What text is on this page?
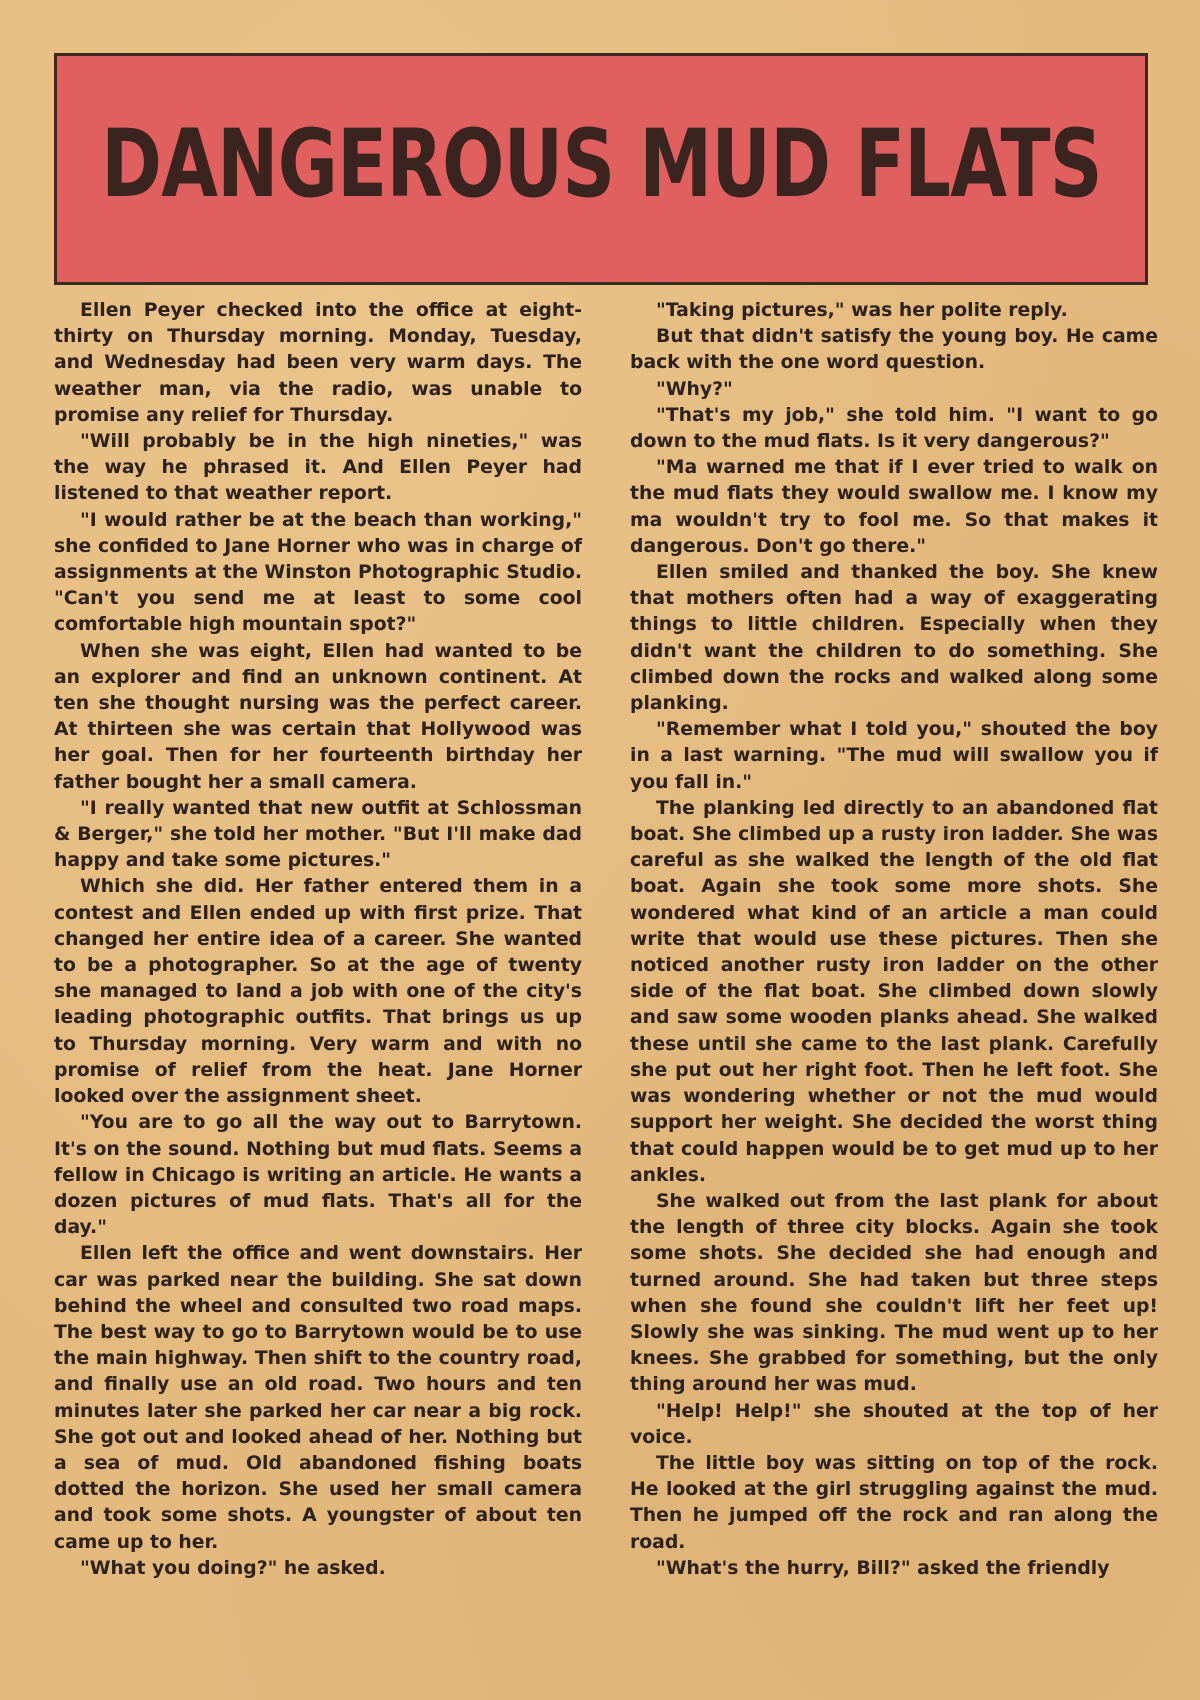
DANGEROUS MUD FLATS

Ellen Peyer checked into the office at eight-thirty on Thursday morning. Monday, Tuesday, and Wednesday had been very warm days. The weather man, via the radio, was unable to promise any relief for Thursday.

"Will probably be in the high nineties," was the way he phrased it. And Ellen Peyer had listened to that weather report.

"I would rather be at the beach than working," she confided to Jane Horner who was in charge of assignments at the Winston Photographic Studio. "Can't you send me at least to some cool comfortable high mountain spot?"

When she was eight, Ellen had wanted to be an explorer and find an unknown continent. At ten she thought nursing was the perfect career. At thirteen she was certain that Hollywood was her goal. Then for her fourteenth birthday her father bought her a small camera.

"I really wanted that new outfit at Schlossman & Berger," she told her mother. "But I'll make dad happy and take some pictures."

Which she did. Her father entered them in a contest and Ellen ended up with first prize. That changed her entire idea of a career. She wanted to be a photographer. So at the age of twenty she managed to land a job with one of the city's leading photographic outfits. That brings us up to Thursday morning. Very warm and with no promise of relief from the heat. Jane Horner looked over the assignment sheet.

"You are to go all the way out to Barrytown. It's on the sound. Nothing but mud flats. Seems a fellow in Chicago is writing an article. He wants a dozen pictures of mud flats. That's all for the day."

Ellen left the office and went downstairs. Her car was parked near the building. She sat down behind the wheel and consulted two road maps. The best way to go to Barrytown would be to use the main highway. Then shift to the country road, and finally use an old road. Two hours and ten minutes later she parked her car near a big rock. She got out and looked ahead of her. Nothing but a sea of mud. Old abandoned fishing boats dotted the horizon. She used her small camera and took some shots. A youngster of about ten came up to her.

"What you doing?" he asked.

"Taking pictures," was her polite reply.

But that didn't satisfy the young boy. He came back with the one word question.

"Why?"

"That's my job," she told him. "I want to go down to the mud flats. Is it very dangerous?"

"Ma warned me that if I ever tried to walk on the mud flats they would swallow me. I know my ma wouldn't try to fool me. So that makes it dangerous. Don't go there."

Ellen smiled and thanked the boy. She knew that mothers often had a way of exaggerating things to little children. Especially when they didn't want the children to do something. She climbed down the rocks and walked along some planking.

"Remember what I told you," shouted the boy in a last warning. "The mud will swallow you if you fall in."

The planking led directly to an abandoned flat boat. She climbed up a rusty iron ladder. She was careful as she walked the length of the old flat boat. Again she took some more shots. She wondered what kind of an article a man could write that would use these pictures. Then she noticed another rusty iron ladder on the other side of the flat boat. She climbed down slowly and saw some wooden planks ahead. She walked these until she came to the last plank. Carefully she put out her right foot. Then he left foot. She was wondering whether or not the mud would support her weight. She decided the worst thing that could happen would be to get mud up to her ankles.

She walked out from the last plank for about the length of three city blocks. Again she took some shots. She decided she had enough and turned around. She had taken but three steps when she found she couldn't lift her feet up! Slowly she was sinking. The mud went up to her knees. She grabbed for something, but the only thing around her was mud.

"Help! Help!" she shouted at the top of her voice.

The little boy was sitting on top of the rock. He looked at the girl struggling against the mud. Then he jumped off the rock and ran along the road.

"What's the hurry, Bill?" asked the friendly
